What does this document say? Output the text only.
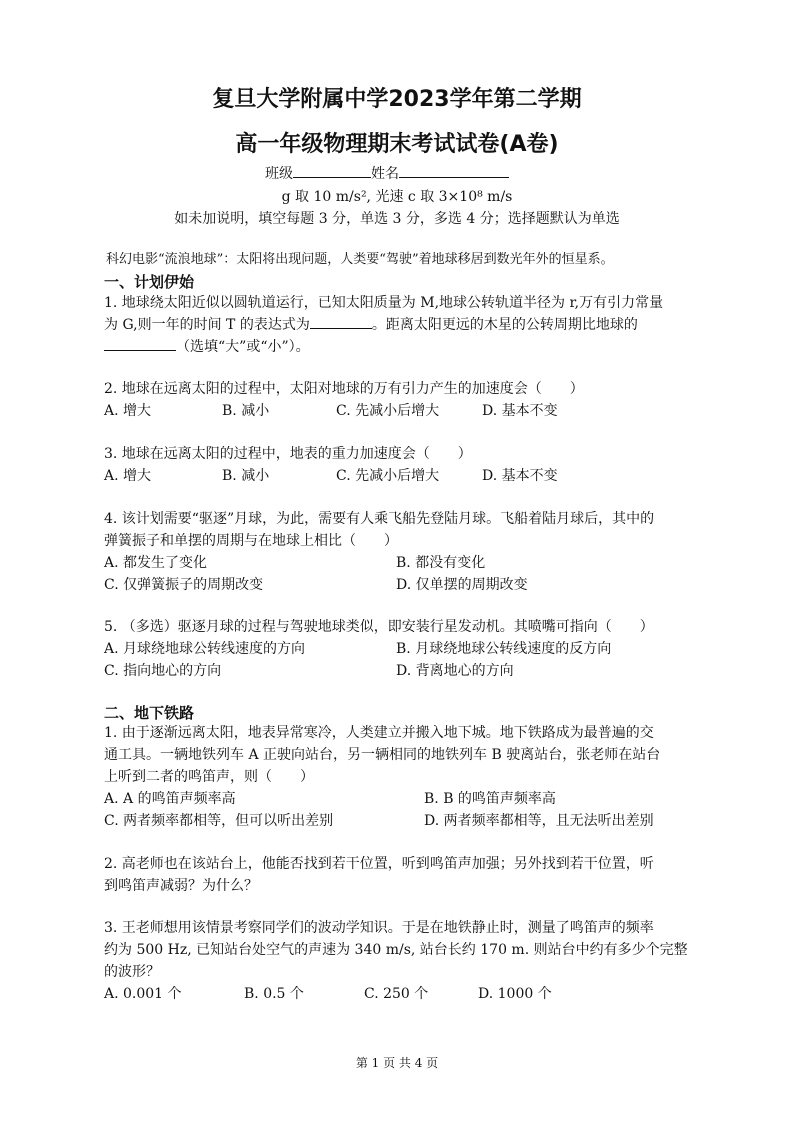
复旦大学附属中学2023学年第二学期
高一年级物理期末考试试卷(A卷)
班级	姓名
g 取 10 m/s², 光速 c 取 3×10⁸ m/s
如未加说明，填空每题 3 分，单选 3 分，多选 4 分；选择题默认为单选
科幻电影“流浪地球”：太阳将出现问题，人类要“驾驶”着地球移居到数光年外的恒星系。
一、计划伊始
1. 地球绕太阳近似以圆轨道运行，已知太阳质量为 M,地球公转轨道半径为 r,万有引力常量
为 G,则一年的时间 T 的表达式为	。距离太阳更远的木星的公转周期比地球的
（选填“大”或“小”）。
2. 地球在远离太阳的过程中，太阳对地球的万有引力产生的加速度会（　　）
A. 增大	B. 减小	C. 先减小后增大	D. 基本不变
3. 地球在远离太阳的过程中，地表的重力加速度会（　　）
A. 增大	B. 减小	C. 先减小后增大	D. 基本不变
4. 该计划需要“驱逐”月球，为此，需要有人乘飞船先登陆月球。飞船着陆月球后，其中的
弹簧振子和单摆的周期与在地球上相比（　　）
A. 都发生了变化	B. 都没有变化
C. 仅弹簧振子的周期改变	D. 仅单摆的周期改变
5. （多选）驱逐月球的过程与驾驶地球类似，即安装行星发动机。其喷嘴可指向（　　）
A. 月球绕地球公转线速度的方向	B. 月球绕地球公转线速度的反方向
C. 指向地心的方向	D. 背离地心的方向
二、地下铁路
1. 由于逐渐远离太阳，地表异常寒冷，人类建立并搬入地下城。地下铁路成为最普遍的交
通工具。一辆地铁列车 A 正驶向站台，另一辆相同的地铁列车 B 驶离站台，张老师在站台
上听到二者的鸣笛声，则（　　）
A. A 的鸣笛声频率高	B. B 的鸣笛声频率高
C. 两者频率都相等，但可以听出差别	D. 两者频率都相等，且无法听出差别
2. 高老师也在该站台上，他能否找到若干位置，听到鸣笛声加强；另外找到若干位置，听
到鸣笛声减弱？为什么？
3. 王老师想用该情景考察同学们的波动学知识。于是在地铁静止时，测量了鸣笛声的频率
约为 500 Hz, 已知站台处空气的声速为 340 m/s, 站台长约 170 m. 则站台中约有多少个完整
的波形？
A. 0.001 个	B. 0.5 个	C. 250 个	D. 1000 个
第 1 页 共 4 页
